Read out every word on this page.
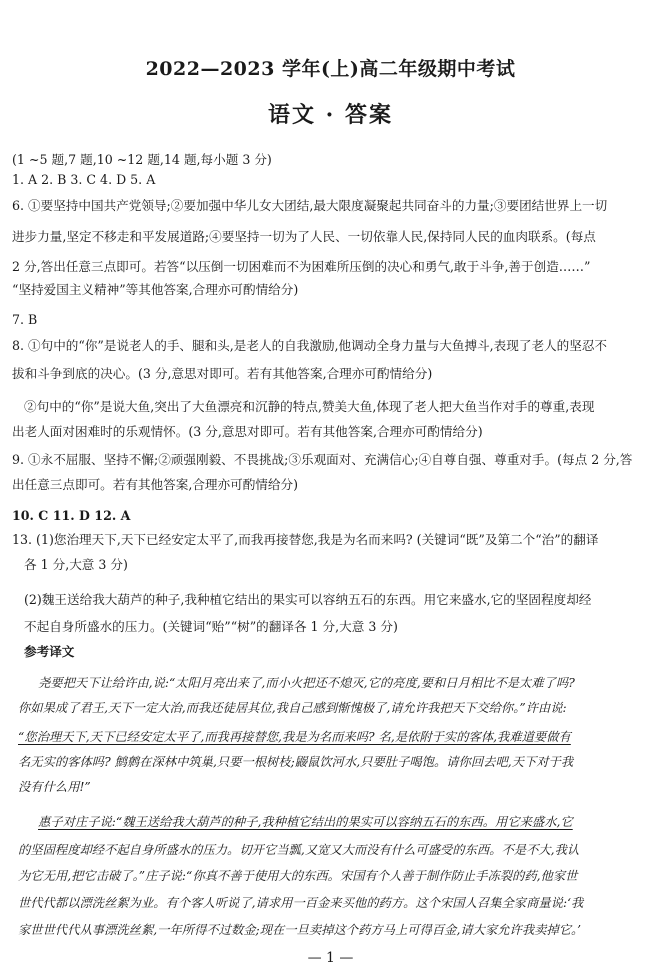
2022—2023 学年(上)高二年级期中考试
语文 · 答案
(1 ~5 题,7 题,10 ~12 题,14 题,每小题 3 分)
1. A 2. B 3. C 4. D 5. A
6. ①要坚持中国共产党领导;②要加强中华儿女大团结,最大限度凝聚起共同奋斗的力量;③要团结世界上一切
进步力量,坚定不移走和平发展道路;④要坚持一切为了人民、一切依靠人民,保持同人民的血肉联系。(每点
2 分,答出任意三点即可。若答“以压倒一切困难而不为困难所压倒的决心和勇气,敢于斗争,善于创造……”
“坚持爱国主义精神”等其他答案,合理亦可酌情给分)
7. B
8. ①句中的“你”是说老人的手、腿和头,是老人的自我激励,他调动全身力量与大鱼搏斗,表现了老人的坚忍不
拔和斗争到底的决心。(3 分,意思对即可。若有其他答案,合理亦可酌情给分)
②句中的“你”是说大鱼,突出了大鱼漂亮和沉静的特点,赞美大鱼,体现了老人把大鱼当作对手的尊重,表现
出老人面对困难时的乐观情怀。(3 分,意思对即可。若有其他答案,合理亦可酌情给分)
9. ①永不屈服、坚持不懈;②顽强刚毅、不畏挑战;③乐观面对、充满信心;④自尊自强、尊重对手。(每点 2 分,答
出任意三点即可。若有其他答案,合理亦可酌情给分)
10. C 11. D 12. A
13. (1)您治理天下,天下已经安定太平了,而我再接替您,我是为名而来吗? (关键词“既”及第二个“治”的翻译
各 1 分,大意 3 分)
(2)魏王送给我大葫芦的种子,我种植它结出的果实可以容纳五石的东西。用它来盛水,它的坚固程度却经
不起自身所盛水的压力。(关键词“贻”“树”的翻译各 1 分,大意 3 分)
参考译文
尧要把天下让给许由,说:“太阳月亮出来了,而小火把还不熄灭,它的亮度,要和日月相比不是太难了吗?
你如果成了君王,天下一定大治,而我还徒居其位,我自己感到惭愧极了,请允许我把天下交给你。”许由说:
“您治理天下,天下已经安定太平了,而我再接替您,我是为名而来吗? 名,是依附于实的客体,我难道要做有
名无实的客体吗? 鹪鹩在深林中筑巢,只要一根树枝;鼹鼠饮河水,只要肚子喝饱。请你回去吧,天下对于我
没有什么用!”
惠子对庄子说:“魏王送给我大葫芦的种子,我种植它结出的果实可以容纳五石的东西。用它来盛水,它
的坚固程度却经不起自身所盛水的压力。切开它当瓢,又宽又大而没有什么可盛受的东西。不是不大,我认
为它无用,把它击破了。”庄子说:“你真不善于使用大的东西。宋国有个人善于制作防止手冻裂的药,他家世
世代代都以漂洗丝絮为业。有个客人听说了,请求用一百金来买他的药方。这个宋国人召集全家商量说:‘我
家世世代代从事漂洗丝絮,一年所得不过数金;现在一旦卖掉这个药方马上可得百金,请大家允许我卖掉它。’
— 1 —
